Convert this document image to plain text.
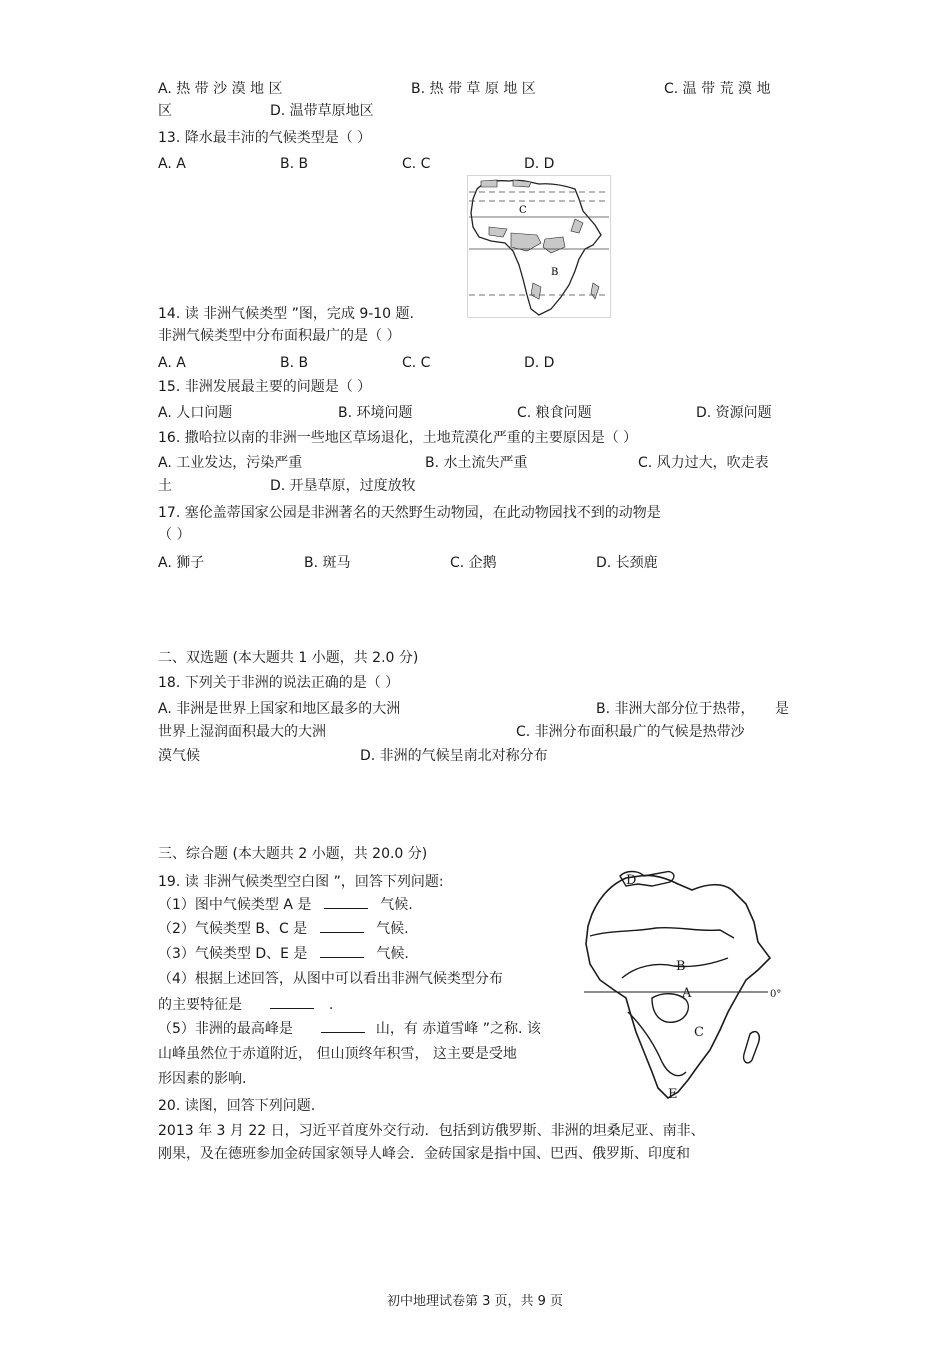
A. 热 带 沙 漠 地 区	B. 热 带 草 原 地 区	C. 温 带 荒 漠 地
区	D. 温带草原地区
13. 降水最丰沛的气候类型是（ ）
A. A	B. B	C. C	D. D
C
B
14. 读 非洲气候类型 ”图，完成 9-10 题.
非洲气候类型中分布面积最广的是（ ）
A. A	B. B	C. C	D. D
15. 非洲发展最主要的问题是（ ）
A. 人口问题	B. 环境问题	C. 粮食问题	D. 资源问题
16. 撒哈拉以南的非洲一些地区草场退化，土地荒漠化严重的主要原因是（ ）
A. 工业发达，污染严重	B. 水土流失严重	C. 风力过大，吹走表
土	D. 开垦草原，过度放牧
17. 塞伦盖蒂国家公园是非洲著名的天然野生动物园，在此动物园找不到的动物是
（ ）
A. 狮子	B. 斑马	C. 企鹅	D. 长颈鹿
二、双选题 (本大题共 1 小题，共 2.0 分)
18. 下列关于非洲的说法正确的是（ ）
A. 非洲是世界上国家和地区最多的大洲	B. 非洲大部分位于热带， 是
世界上湿润面积最大的大洲	C. 非洲分布面积最广的气候是热带沙
漠气候	D. 非洲的气候呈南北对称分布
三、综合题 (本大题共 2 小题，共 20.0 分)
19. 读 非洲气候类型空白图 ”，回答下列问题:
（1）图中气候类型 A 是	气候.
（2）气候类型 B、C 是	气候.
（3）气候类型 D、E 是	气候.
（4）根据上述回答，从图中可以看出非洲气候类型分布
的主要特征是	.
（5）非洲的最高峰是	山，有 赤道雪峰 ”之称. 该
山峰虽然位于赤道附近， 但山顶终年积雪， 这主要是受地
形因素的影响.
D
B
A	0°
C
E
20. 读图，回答下列问题.
2013 年 3 月 22 日，习近平首度外交行动．包括到访俄罗斯、非洲的坦桑尼亚、南非、
刚果，及在德班参加金砖国家领导人峰会．金砖国家是指中国、巴西、俄罗斯、印度和
初中地理试卷第 3 页，共 9 页
